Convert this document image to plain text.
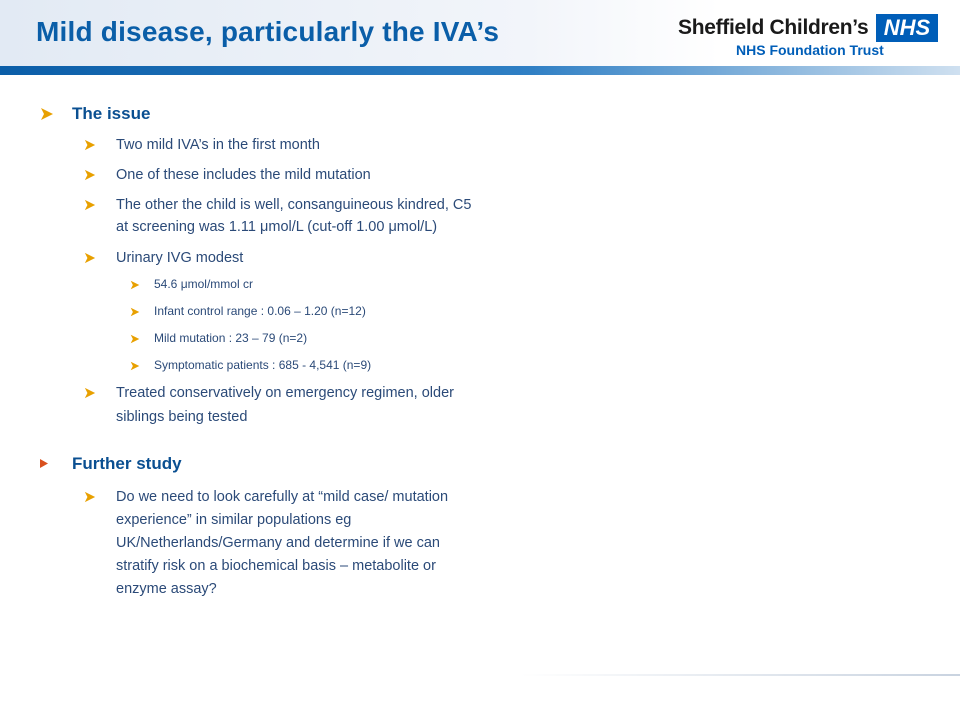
Mild disease, particularly the IVA’s	Sheffield Children’s NHS
NHS Foundation Trust
The issue
Two mild IVA’s in the first month
One of these includes the mild mutation
The other the child is well, consanguineous kindred, C5
at screening was 1.11 μmol/L (cut-off 1.00 μmol/L)
Urinary IVG modest
54.6 μmol/mmol cr
Infant control range : 0.06 – 1.20 (n=12)
Mild mutation : 23 – 79 (n=2)
Symptomatic patients : 685 - 4,541 (n=9)
Treated conservatively on emergency regimen, older
siblings being tested
Further study
Do we need to look carefully at “mild case/ mutation
experience” in similar populations eg
UK/Netherlands/Germany and determine if we can
stratify risk on a biochemical basis – metabolite or
enzyme assay?
